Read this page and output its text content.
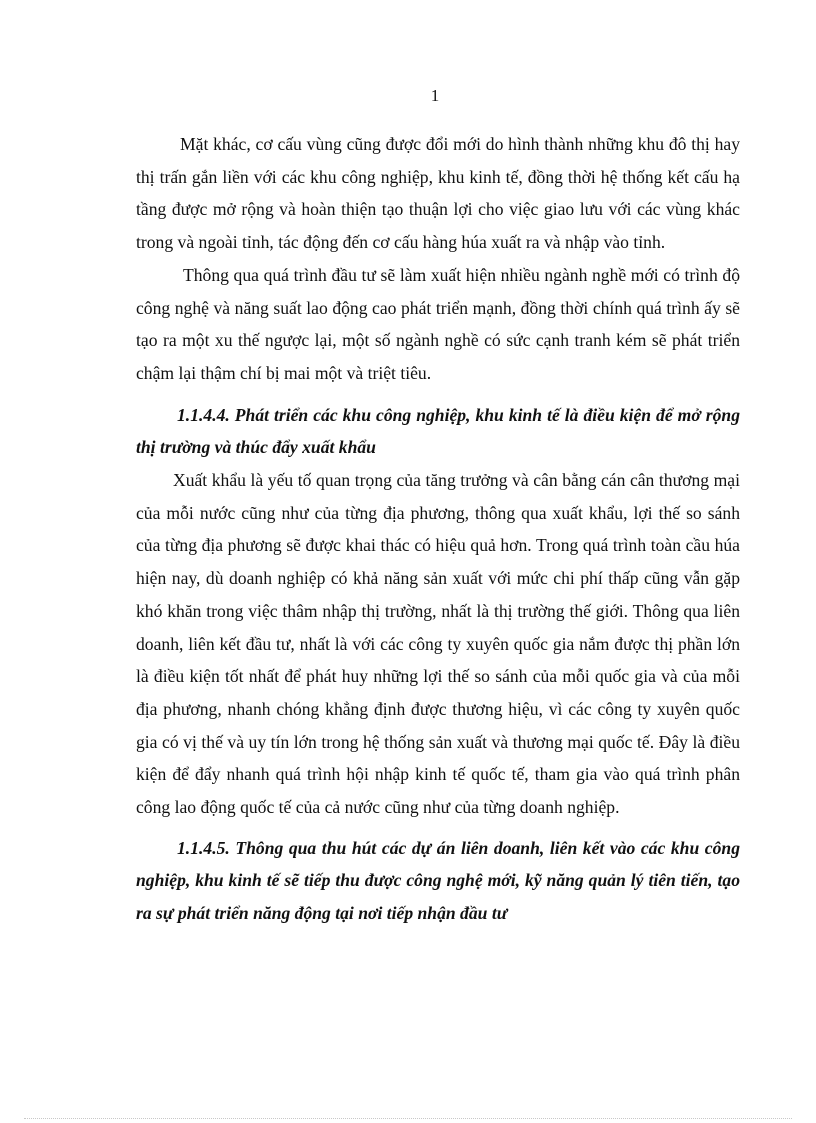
1

Mặt khác, cơ cấu vùng cũng được đổi mới do hình thành những khu đô thị hay thị trấn gắn liền với các khu công nghiệp, khu kinh tế, đồng thời hệ thống kết cấu hạ tầng được mở rộng và hoàn thiện tạo thuận lợi cho việc giao lưu với các vùng khác trong và ngoài tỉnh, tác động đến cơ cấu hàng húa xuất ra và nhập vào tỉnh.

Thông qua quá trình đầu tư sẽ làm xuất hiện nhiều ngành nghề mới có trình độ công nghệ và năng suất lao động cao phát triển mạnh, đồng thời chính quá trình ấy sẽ tạo ra một xu thế ngược lại, một số ngành nghề có sức cạnh tranh kém sẽ phát triển chậm lại thậm chí bị mai một và triệt tiêu.

1.1.4.4. Phát triển các khu công nghiệp, khu kinh tế là điều kiện để mở rộng thị trường và thúc đẩy xuất khẩu

Xuất khẩu là yếu tố quan trọng của tăng trưởng và cân bằng cán cân thương mại của mỗi nước cũng như của từng địa phương, thông qua xuất khẩu, lợi thế so sánh của từng địa phương sẽ được khai thác có hiệu quả hơn. Trong quá trình toàn cầu húa hiện nay, dù doanh nghiệp có khả năng sản xuất với mức chi phí thấp cũng vẫn gặp khó khăn trong việc thâm nhập thị trường, nhất là thị trường thế giới. Thông qua liên doanh, liên kết đầu tư, nhất là với các công ty xuyên quốc gia nắm được thị phần lớn là điều kiện tốt nhất để phát huy những lợi thế so sánh của mỗi quốc gia và của mỗi địa phương, nhanh chóng khẳng định được thương hiệu, vì các công ty xuyên quốc gia có vị thế và uy tín lớn trong hệ thống sản xuất và thương mại quốc tế. Đây là điều kiện để đẩy nhanh quá trình hội nhập kinh tế quốc tế, tham gia vào quá trình phân công lao động quốc tế của cả nước cũng như của từng doanh nghiệp.

1.1.4.5. Thông qua thu hút các dự án liên doanh, liên kết vào các khu công nghiệp, khu kinh tế sẽ tiếp thu được công nghệ mới, kỹ năng quản lý tiên tiến, tạo ra sự phát triển năng động tại nơi tiếp nhận đầu tư
